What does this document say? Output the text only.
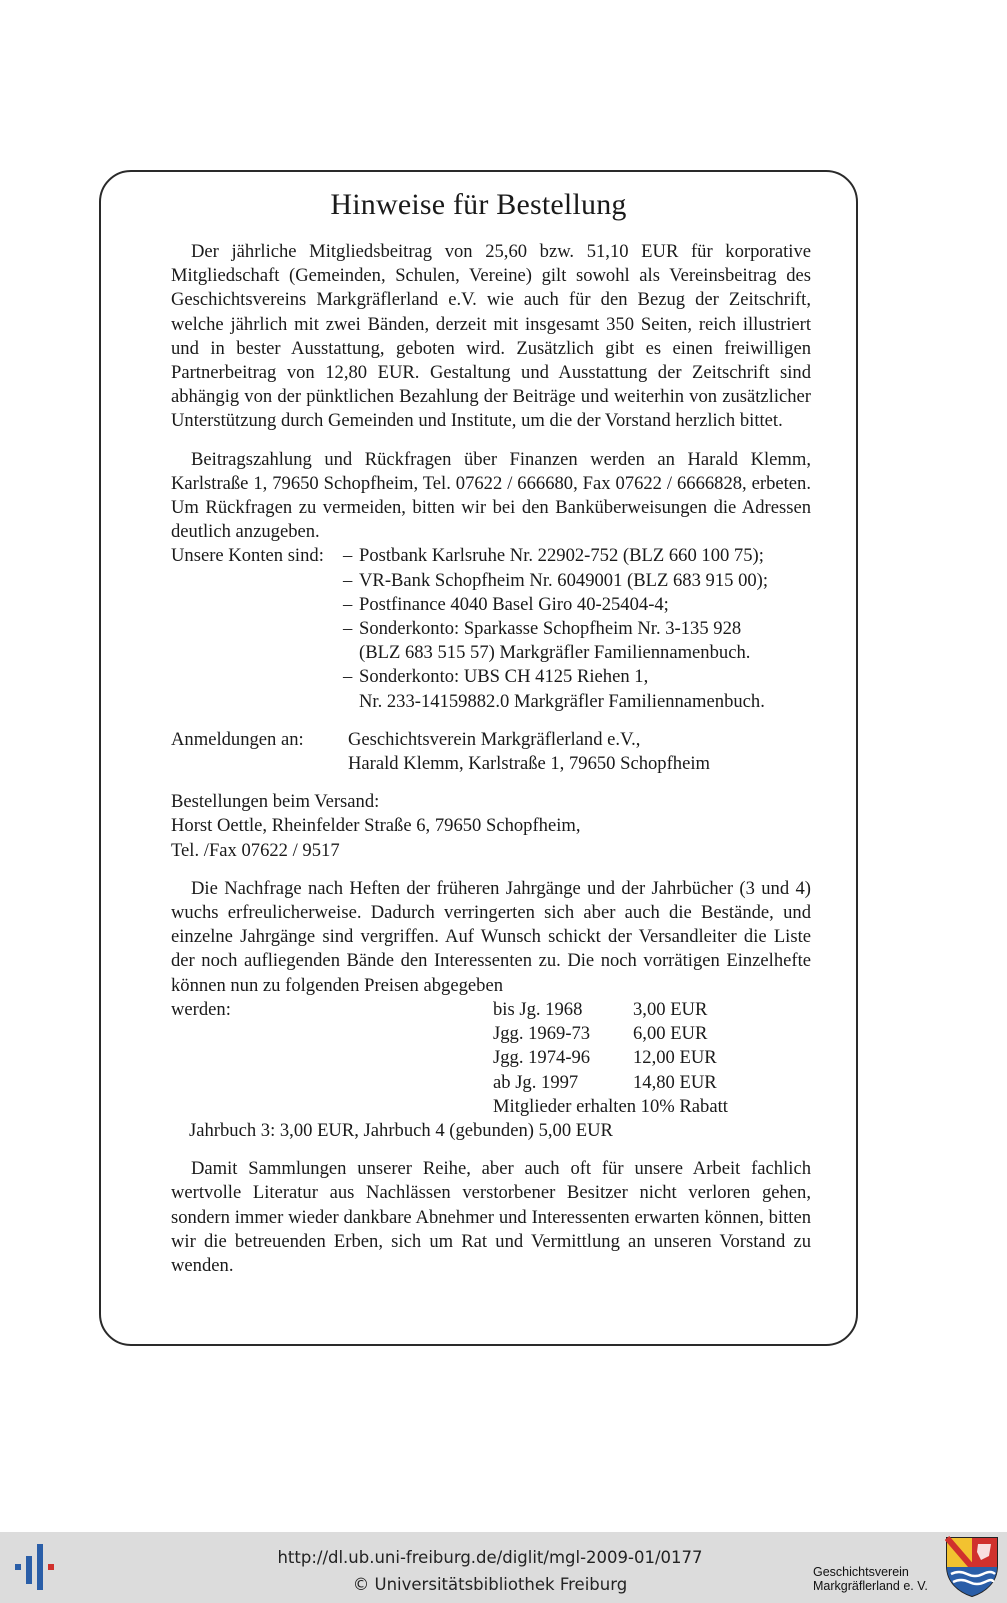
Hinweise für Bestellung

Der jährliche Mitgliedsbeitrag von 25,60 bzw. 51,10 EUR für korporative Mitgliedschaft (Gemeinden, Schulen, Vereine) gilt sowohl als Vereinsbeitrag des Geschichtsvereins Markgräflerland e.V. wie auch für den Bezug der Zeitschrift, welche jährlich mit zwei Bänden, derzeit mit insgesamt 350 Seiten, reich illustriert und in bester Ausstattung, geboten wird. Zusätzlich gibt es einen freiwilligen Partnerbeitrag von 12,80 EUR. Gestaltung und Ausstattung der Zeitschrift sind abhängig von der pünktlichen Bezahlung der Beiträge und weiterhin von zusätzlicher Unterstützung durch Gemeinden und Institute, um die der Vorstand herzlich bittet.

Beitragszahlung und Rückfragen über Finanzen werden an Harald Klemm, Karlstraße 1, 79650 Schopfheim, Tel. 07622 / 666680, Fax 07622 / 6666828, erbeten. Um Rückfragen zu vermeiden, bitten wir bei den Banküberweisungen die Adressen deutlich anzugeben.

Unsere Konten sind:	– Postbank Karlsruhe Nr. 22902-752 (BLZ 660 100 75);
– VR-Bank Schopfheim Nr. 6049001 (BLZ 683 915 00);
– Postfinance 4040 Basel Giro 40-25404-4;
– Sonderkonto: Sparkasse Schopfheim Nr. 3-135 928
(BLZ 683 515 57) Markgräfler Familiennamenbuch.
– Sonderkonto: UBS CH 4125 Riehen 1,
Nr. 233-14159882.0 Markgräfler Familiennamenbuch.
Anmeldungen an:	Geschichtsverein Markgräflerland e.V.,
Harald Klemm, Karlstraße 1, 79650 Schopfheim
Bestellungen beim Versand:
Horst Oettle, Rheinfelder Straße 6, 79650 Schopfheim,
Tel. /Fax 07622 / 9517

Die Nachfrage nach Heften der früheren Jahrgänge und der Jahrbücher (3 und 4) wuchs erfreulicherweise. Dadurch verringerten sich aber auch die Bestände, und einzelne Jahrgänge sind vergriffen. Auf Wunsch schickt der Versandleiter die Liste der noch aufliegenden Bände den Interessenten zu. Die noch vorrätigen Einzelhefte können nun zu folgenden Preisen abgegeben

werden:	bis Jg. 1968	3,00 EUR
Jgg. 1969-73	6,00 EUR
Jgg. 1974-96	12,00 EUR
ab Jg. 1997	14,80 EUR
Mitglieder erhalten 10% Rabatt
Jahrbuch 3: 3,00 EUR, Jahrbuch 4 (gebunden) 5,00 EUR

Damit Sammlungen unserer Reihe, aber auch oft für unsere Arbeit fachlich wertvolle Literatur aus Nachlässen verstorbener Besitzer nicht verloren gehen, sondern immer wieder dankbare Abnehmer und Interessenten erwarten können, bitten wir die betreuenden Erben, sich um Rat und Vermittlung an unseren Vorstand zu wenden.

http://dl.ub.uni-freiburg.de/diglit/mgl-2009-01/0177
© Universitätsbibliothek Freiburg
Geschichtsverein
Markgräflerland e. V.
